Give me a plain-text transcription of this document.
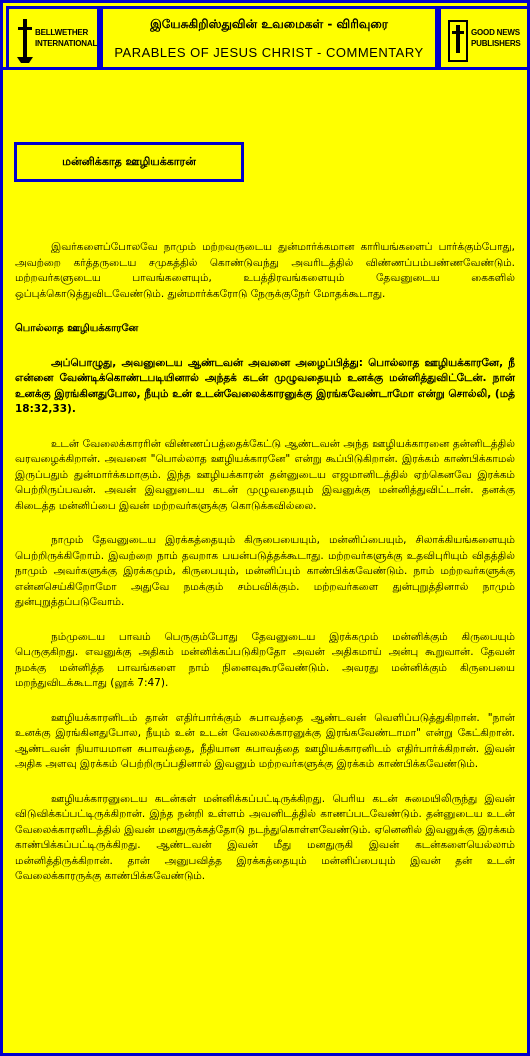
BELLWETHER
INTERNATIONAL
இயேசுகிறிஸ்துவின் உவமைகள் - விரிவுரை
PARABLES OF JESUS CHRIST - COMMENTARY
GOOD NEWS
PUBLISHERS
மன்னிக்காத ஊழியக்காரன்

இவர்களைப்போலவே நாமும் மற்றவருடைய துன்மார்க்கமான காரியங்களைப் பார்க்கும்போது, அவற்றை கர்த்தருடைய சமுகத்தில் கொண்டுவந்து அவரிடத்தில் விண்ணப்பம்பண்ணவேண்டும். மற்றவர்களுடைய பாவங்களையும், உபத்திரவங்களையும் தேவனுடைய கைகளில் ஒப்புக்கொடுத்துவிடவேண்டும். துன்மார்க்கரோடு நேருக்குநேர் மோதக்கூடாது.

பொல்லாத ஊழியக்காரனே

அப்பொழுது, அவனுடைய ஆண்டவன் அவனை அழைப்பித்து: பொல்லாத ஊழியக்காரனே, நீ என்னை வேண்டிக்கொண்டபடியினால் அந்தக் கடன் முழுவதையும் உனக்கு மன்னித்துவிட்டேன். நான் உனக்கு இரங்கினதுபோல, நீயும் உன் உடன்வேலைக்காரனுக்கு இரங்கவேண்டாமோ என்று சொல்லி, (மத் 18:32,33).

உடன் வேலைக்காரரின் விண்ணப்பத்தைக்கேட்டு ஆண்டவன் அந்த ஊழியக்காரனை தன்னிடத்தில் வரவழைக்கிறான். அவனை "பொல்லாத ஊழியக்காரனே" என்று கூப்பிடுகிறான். இரக்கம் காண்பிக்காமல் இருப்பதும் துன்மார்க்கமாகும். இந்த ஊழியக்காரன் தன்னுடைய எஜமானிடத்தில் ஏற்கெனவே இரக்கம் பெற்றிருப்பவன். அவன் இவனுடைய கடன் முழுவதையும் இவனுக்கு மன்னித்துவிட்டான். தனக்கு கிடைத்த மன்னிப்பை இவன் மற்றவர்களுக்கு கொடுக்கவில்லை.

நாமும் தேவனுடைய இரக்கத்தையும் கிருபையையும், மன்னிப்பையும், சிலாக்கியங்களையும் பெற்றிருக்கிறோம். இவற்றை நாம் தவறாக பயன்படுத்தக்கூடாது. மற்றவர்களுக்கு உதவிபுரியும் விதத்தில் நாமும் அவர்களுக்கு இரக்கமும், கிருபையும், மன்னிப்பும் காண்பிக்கவேண்டும். நாம் மற்றவர்களுக்கு என்னசெய்கிறோமோ அதுவே நமக்கும் சம்பவிக்கும். மற்றவர்களை துன்புறுத்தினால் நாமும் துன்புறுத்தப்படுவோம்.

நம்முடைய பாவம் பெருகும்போது தேவனுடைய இரக்கமும் மன்னிக்கும் கிருபையும் பெருகுகிறது. எவனுக்கு அதிகம் மன்னிக்கப்படுகிறதோ அவன் அதிகமாய் அன்பு கூறுவான். தேவன் நமக்கு மன்னித்த பாவங்களை நாம் நினைவுகூரவேண்டும். அவரது மன்னிக்கும் கிருபையை மறந்துவிடக்கூடாது (லூக் 7:47).

ஊழியக்காரனிடம் தான் எதிர்பார்க்கும் சுபாவத்தை ஆண்டவன் வெளிப்படுத்துகிறான். "நான் உனக்கு இரங்கினதுபோல, நீயும் உன் உடன் வேலைக்காரனுக்கு இரங்கவேண்டாமா" என்று கேட்கிறான். ஆண்டவன் நியாயமான சுபாவத்தை, நீதியான சுபாவத்தை ஊழியக்காரனிடம் எதிர்பார்க்கிறான். இவன் அதிக அளவு இரக்கம் பெற்றிருப்பதினால் இவனும் மற்றவர்களுக்கு இரக்கம் காண்பிக்கவேண்டும்.

ஊழியக்காரனுடைய கடன்கள் மன்னிக்கப்பட்டிருக்கிறது. பெரிய கடன் சுமையிலிருந்து இவன் விடுவிக்கப்பட்டிருக்கிறான். இந்த நன்றி உள்ளம் அவனிடத்தில் காணப்படவேண்டும். தன்னுடைய உடன் வேலைக்காரனிடத்தில் இவன் மனதுருக்கத்தோடு நடந்துகொள்ளவேண்டும். ஏனெனில் இவனுக்கு இரக்கம் காண்பிக்கப்பட்டிருக்கிறது. ஆண்டவன் இவன் மீது மனதுருகி இவன் கடன்களையெல்லாம் மன்னித்திருக்கிறான். தான் அனுபவித்த இரக்கத்தையும் மன்னிப்பையும் இவன் தன் உடன் வேலைக்காரருக்கு காண்பிக்கவேண்டும்.
